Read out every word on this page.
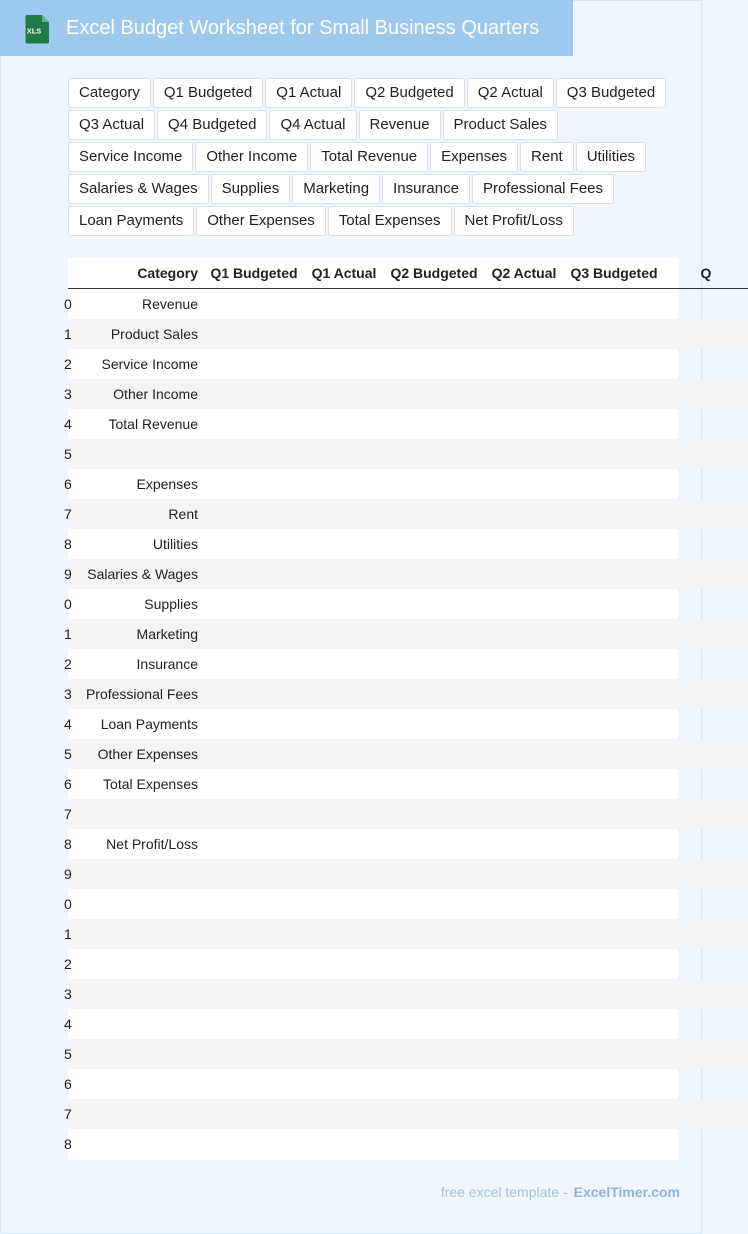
XLS Excel Budget Worksheet for Small Business Quarters
Category	Q1 Budgeted	Q1 Actual	Q2 Budgeted	Q2 Actual	Q3 Budgeted
Q3 Actual	Q4 Budgeted	Q4 Actual	Revenue	Product Sales
Service Income	Other Income	Total Revenue	Expenses	Rent	Utilities
Salaries & Wages	Supplies	Marketing	Insurance	Professional Fees
Loan Payments	Other Expenses	Total Expenses	Net Profit/Loss
Category	Q1 Budgeted	Q1 Actual	Q2 Budgeted	Q2 Actual	Q3 Budgeted	Q

0 Revenue						

1 Product Sales						

2 Service Income						

3 Other Income						

4 Total Revenue						

5						

6 Expenses						

7 Rent						

8 Utilities						

9 Salaries & Wages						

0 Supplies						

1 Marketing						

2 Insurance						

3 Professional Fees						

4 Loan Payments						

5 Other Expenses						

6 Total Expenses						

7						

8 Net Profit/Loss						

9						

0						

1						

2						

3						

4						

5						

6						

7						

8						

free excel template - ExcelTimer.com
